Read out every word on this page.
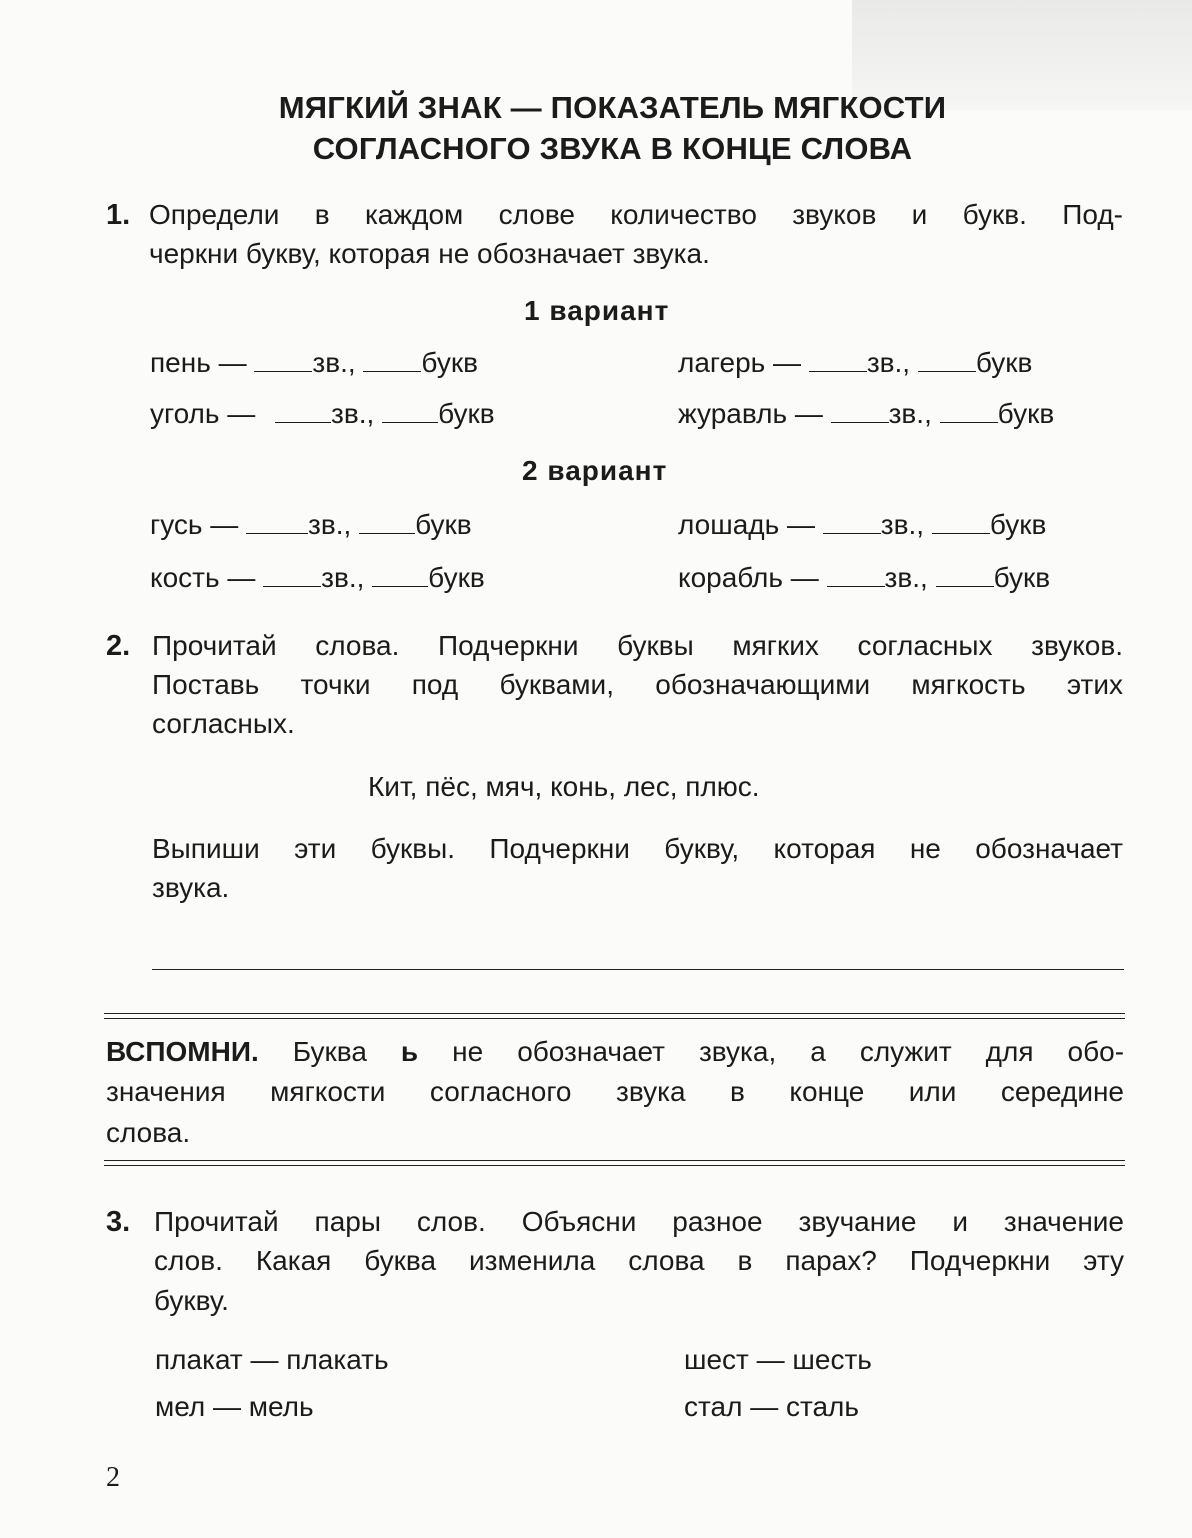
МЯГКИЙ ЗНАК — ПОКАЗАТЕЛЬ МЯГКОСТИ
СОГЛАСНОГО ЗВУКА В КОНЦЕ СЛОВА
1. Определи в каждом слове количество звуков и букв. Под-
черкни букву, которая не обозначает звука.
1 вариант
пень — зв., букв	лагерь — зв., букв
уголь —	зв., букв	журавль — зв., букв
2 вариант
гусь — зв., букв	лошадь — зв., букв
кость — зв., букв	корабль — зв., букв
2. Прочитай слова. Подчеркни буквы мягких согласных звуков.
Поставь точки под буквами, обозначающими мягкость этих
согласных.
Кит, пёс, мяч, конь, лес, плюс.
Выпиши эти буквы. Подчеркни букву, которая не обозначает
звука.
ВСПОМНИ. Буква ь не обозначает звука, а служит для обо-
значения мягкости согласного звука в конце или середине
слова.
3. Прочитай пары слов. Объясни разное звучание и значение
слов. Какая буква изменила слова в парах? Подчеркни эту
букву.
плакат — плакать	шест — шесть
мел — мель	стал — сталь
2
